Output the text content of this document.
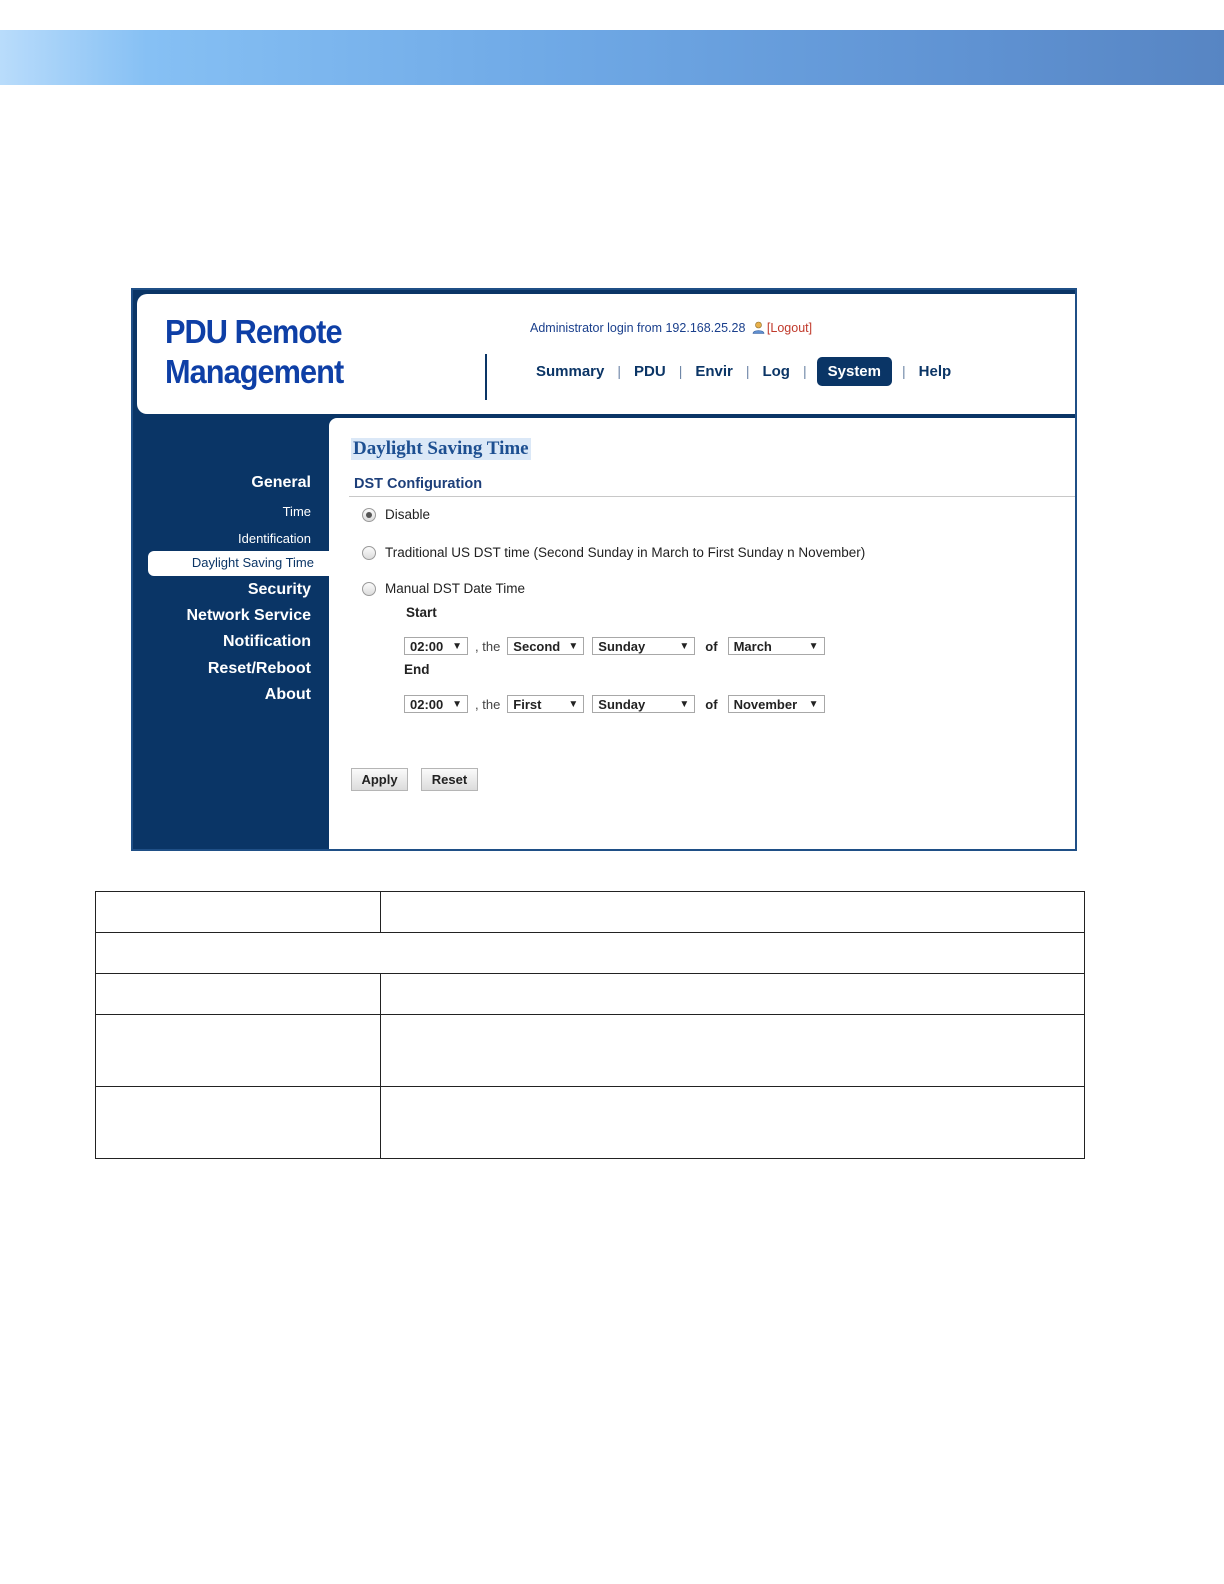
PDU Remote
Management
Administrator login from 192.168.25.28 [Logout]
Summary | PDU | Envir | Log |	System	| Help
General
Time
Identification
Daylight Saving Time
Security
Network Service
Notification
Reset/Reboot
About
Daylight Saving Time
DST Configuration
Disable
Traditional US DST time (Second Sunday in March to First Sunday n November)
Manual DST Date Time
Start
02:00 ▼ , the Second ▼ Sunday	▼ of March	▼
End
02:00 ▼ , the First	▼ Sunday	▼ of November ▼
Apply	Reset
